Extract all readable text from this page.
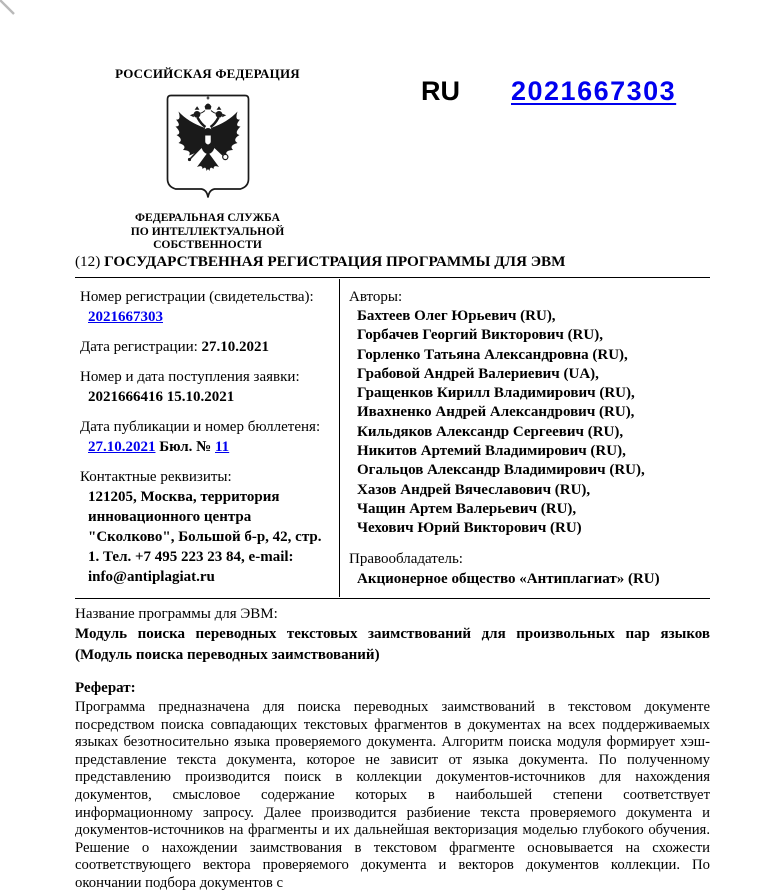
РОССИЙСКАЯ ФЕДЕРАЦИЯ
ФЕДЕРАЛЬНАЯ СЛУЖБА
ПО ИНТЕЛЛЕКТУАЛЬНОЙ СОБСТВЕННОСТИ
RU 2021667303
(12) ГОСУДАРСТВЕННАЯ РЕГИСТРАЦИЯ ПРОГРАММЫ ДЛЯ ЭВМ
Номер регистрации (свидетельства):
2021667303
Дата регистрации: 27.10.2021
Номер и дата поступления заявки:
2021666416 15.10.2021
Дата публикации и номер бюллетеня:
27.10.2021 Бюл. № 11
Контактные реквизиты:
121205, Москва, территория инновационного центра "Сколково", Большой б-р, 42, стр. 1. Тел. +7 495 223 23 84, e-mail: info@antiplagiat.ru
Авторы:
Бахтеев Олег Юрьевич (RU),
Горбачев Георгий Викторович (RU),
Горленко Татьяна Александровна (RU),
Грабовой Андрей Валериевич (UA),
Гращенков Кирилл Владимирович (RU),
Ивахненко Андрей Александрович (RU),
Кильдяков Александр Сергеевич (RU),
Никитов Артемий Владимирович (RU),
Огальцов Александр Владимирович (RU),
Хазов Андрей Вячеславович (RU),
Чащин Артем Валерьевич (RU),
Чехович Юрий Викторович (RU)
Правообладатель:
Акционерное общество «Антиплагиат» (RU)
Название программы для ЭВМ:
Модуль поиска переводных текстовых заимствований для произвольных пар языков (Модуль поиска переводных заимствований)
Реферат:

Программа предназначена для поиска переводных заимствований в текстовом документе посредством поиска совпадающих текстовых фрагментов в документах на всех поддерживаемых языках безотносительно языка проверяемого документа. Алгоритм поиска модуля формирует хэш-представление текста документа, которое не зависит от языка документа. По полученному представлению производится поиск в коллекции документов-источников для нахождения документов, смысловое содержание которых в наибольшей степени соответствует информационному запросу. Далее производится разбиение текста проверяемого документа и документов-источников на фрагменты и их дальнейшая векторизация моделью глубокого обучения. Решение о нахождении заимствования в текстовом фрагменте основывается на схожести соответствующего вектора проверяемого документа и векторов документов коллекции. По окончании подбора документов с
